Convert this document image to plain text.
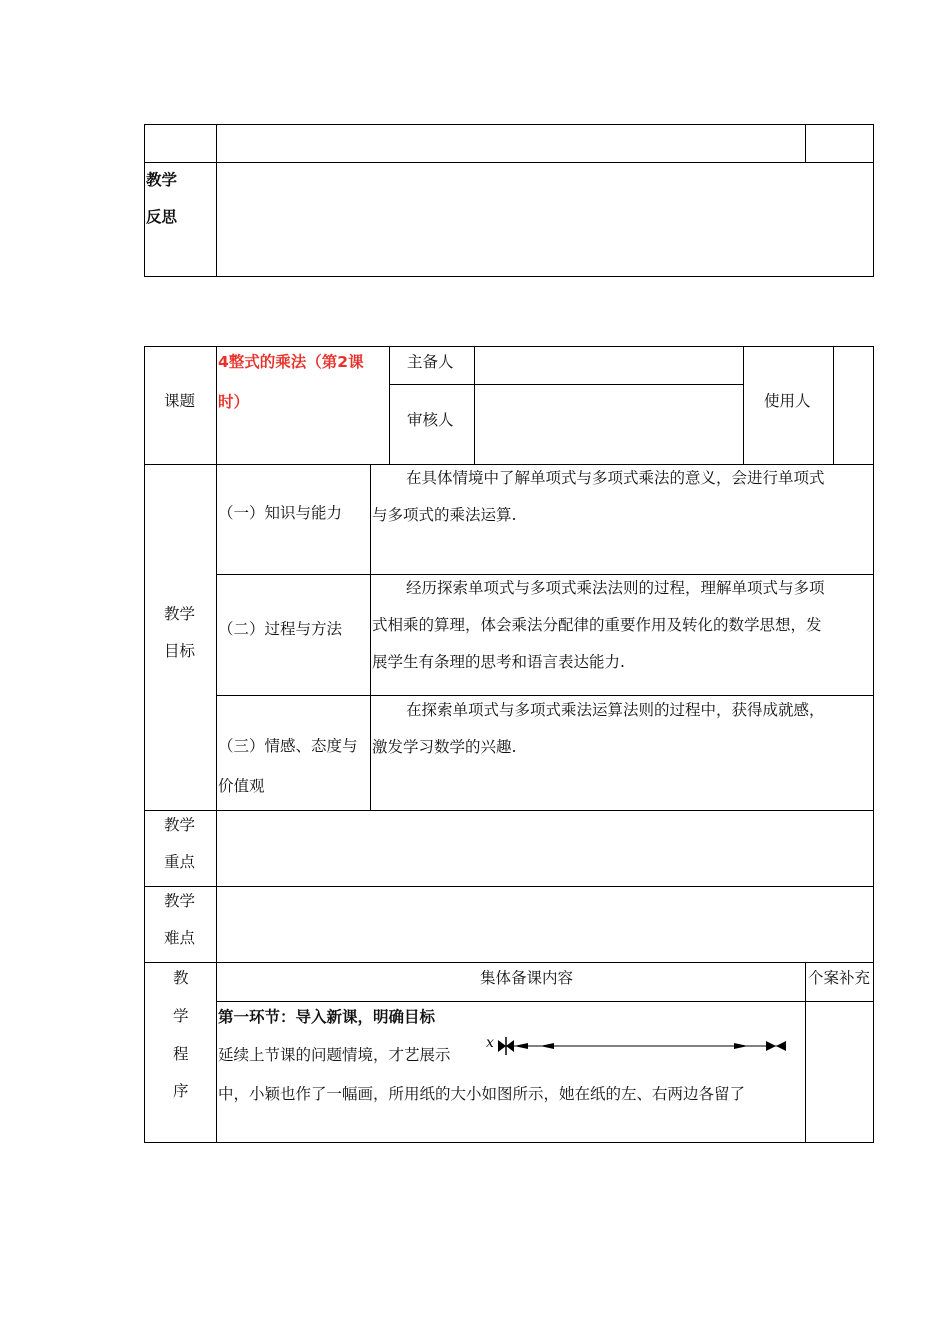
教学
反思
课题
4整式的乘法（第2课
时）
主备人
审核人
使用人
教学
目标
（一）知识与能力

在具体情境中了解单项式与多项式乘法的意义，会进行单项式

与多项式的乘法运算.

（二）过程与方法

经历探索单项式与多项式乘法法则的过程，理解单项式与多项

式相乘的算理，体会乘法分配律的重要作用及转化的数学思想，发

展学生有条理的思考和语言表达能力.

（三）情感、态度与
价值观

在探索单项式与多项式乘法运算法则的过程中，获得成就感，

激发学习数学的兴趣.

教学
重点
教学
难点
教
学
程
序
集体备课内容	个案补充
第一环节：导入新课，明确目标
延续上节课的问题情境，才艺展示
中，小颖也作了一幅画，所用纸的大小如图所示，她在纸的左、右两边各留了
x
